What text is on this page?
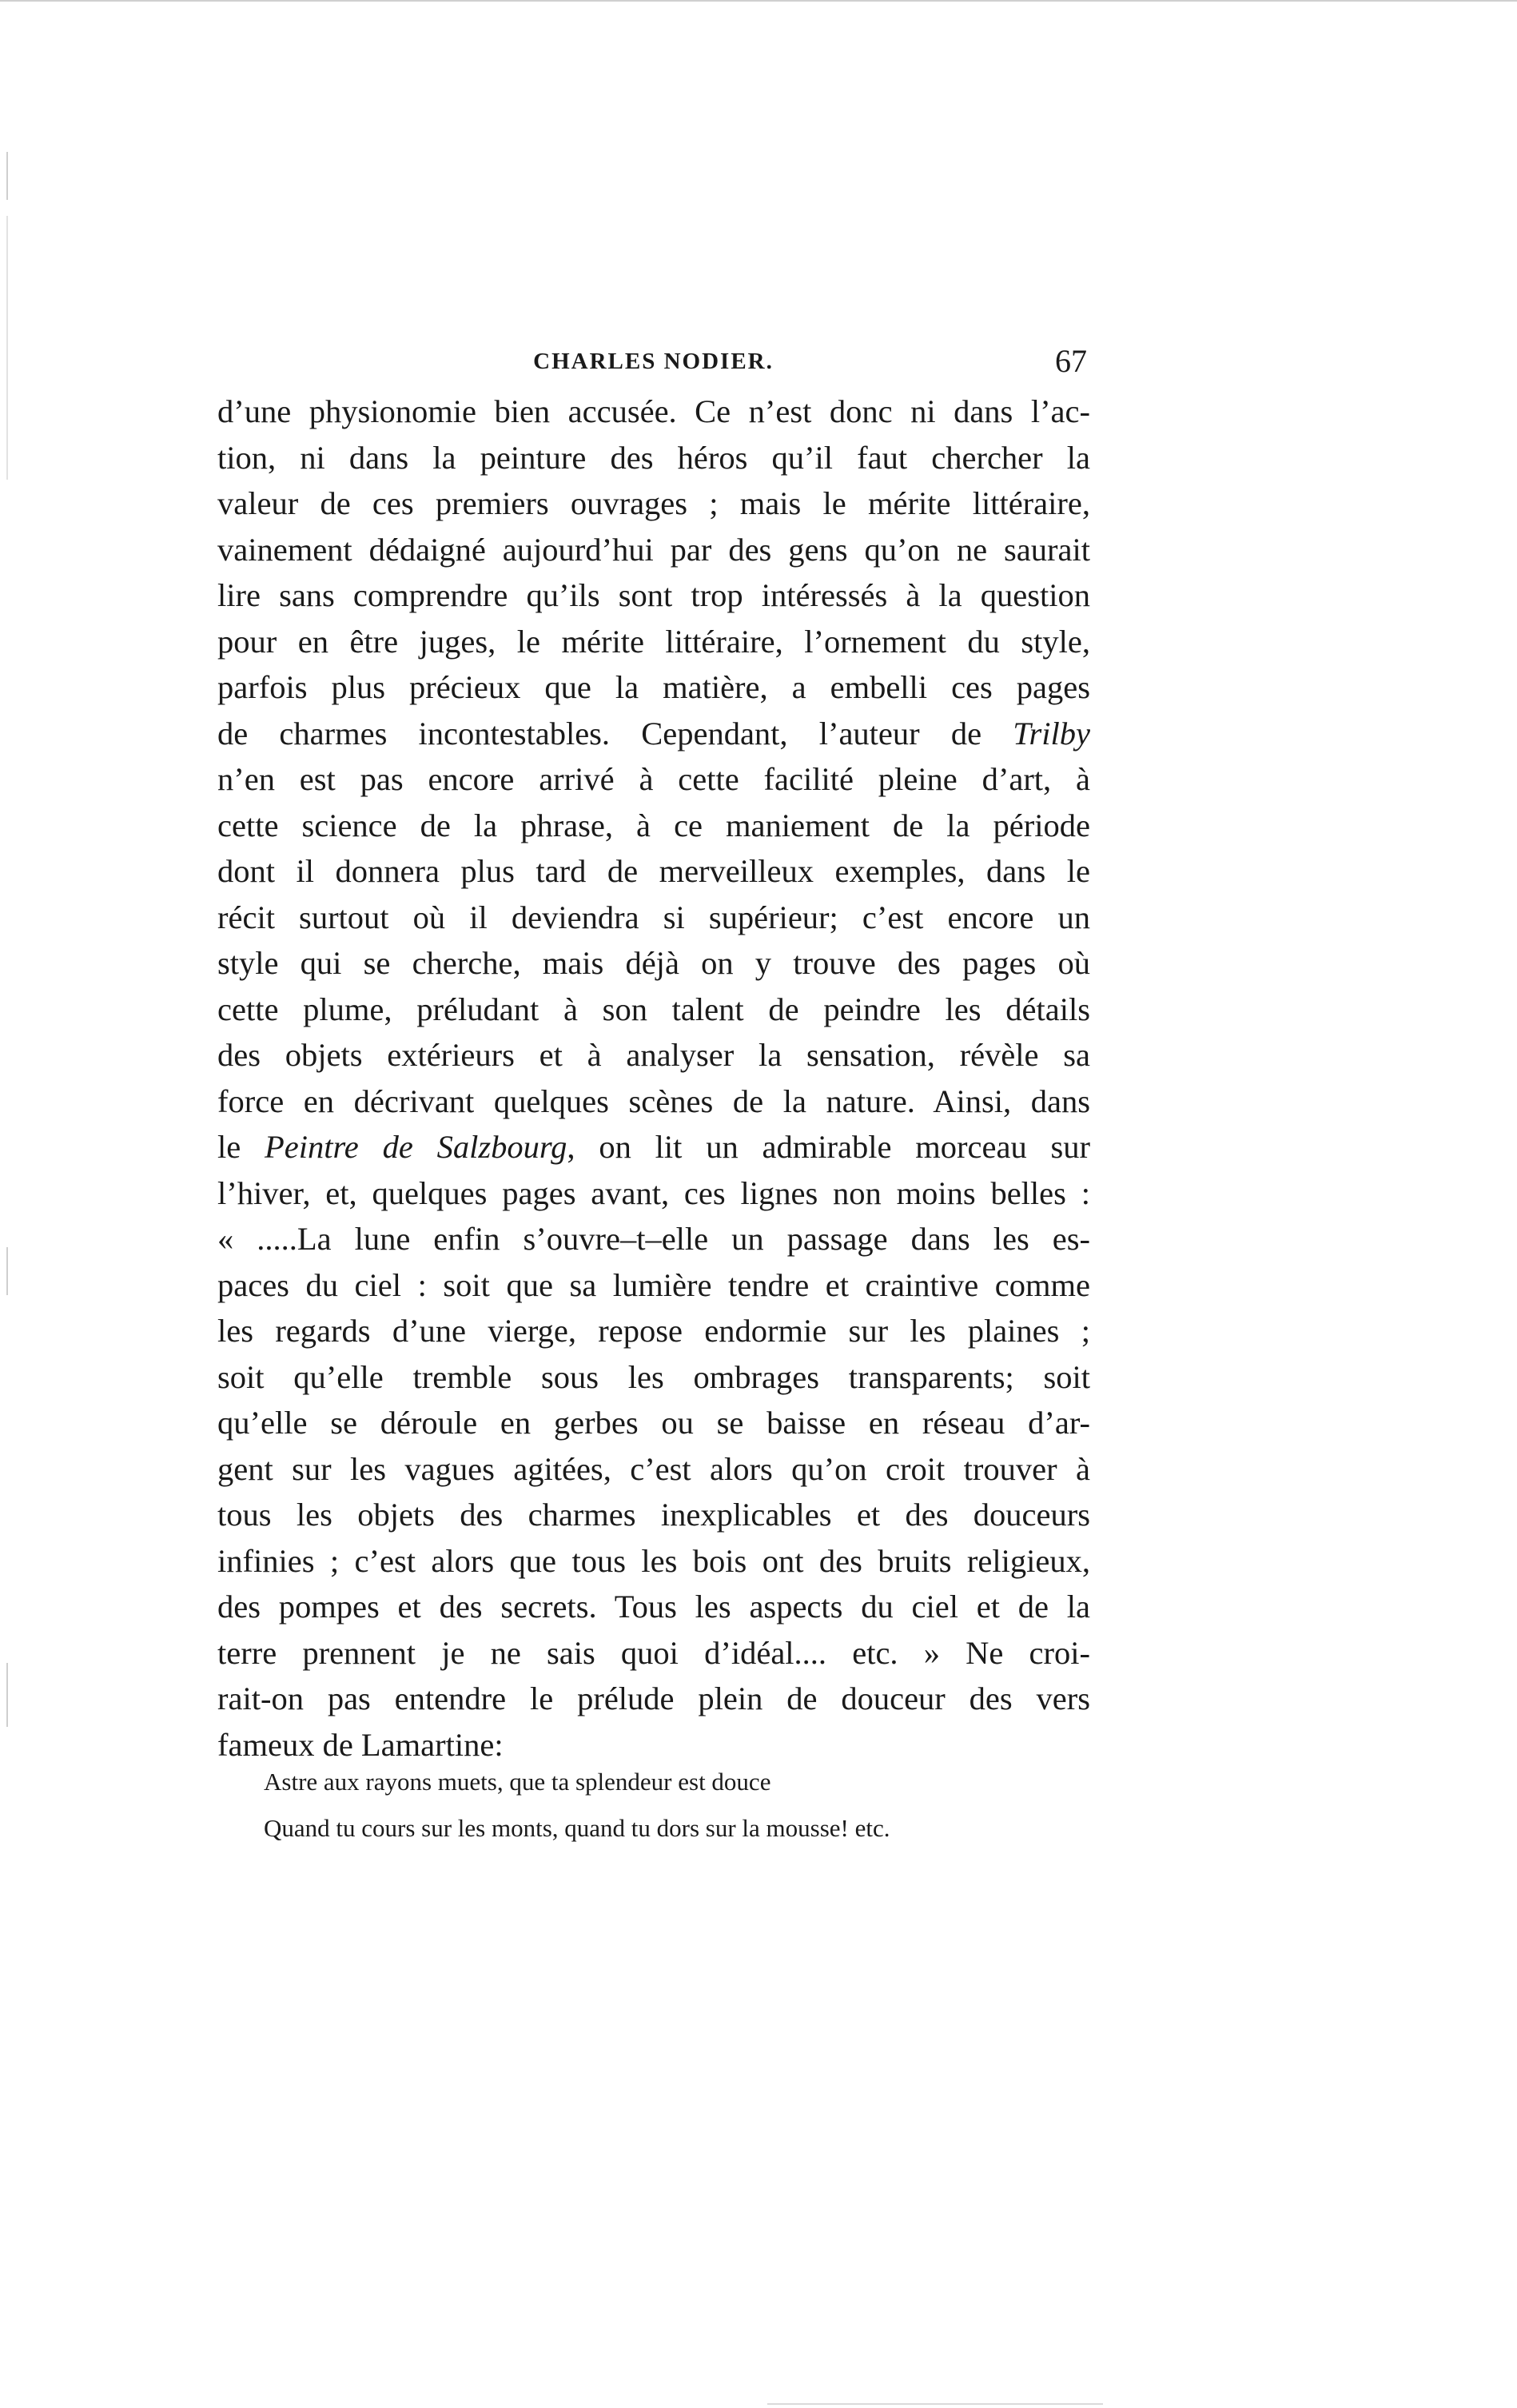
CHARLES NODIER.	67
d’une physionomie bien accusée. Ce n’est donc ni dans l’ac-
tion, ni dans la peinture des héros qu’il faut chercher la
valeur de ces premiers ouvrages ; mais le mérite littéraire,
vainement dédaigné aujourd’hui par des gens qu’on ne saurait
lire sans comprendre qu’ils sont trop intéressés à la question
pour en être juges, le mérite littéraire, l’ornement du style,
parfois plus précieux que la matière, a embelli ces pages
de charmes incontestables. Cependant, l’auteur de Trilby
n’en est pas encore arrivé à cette facilité pleine d’art, à
cette science de la phrase, à ce maniement de la période
dont il donnera plus tard de merveilleux exemples, dans le
récit surtout où il deviendra si supérieur; c’est encore un
style qui se cherche, mais déjà on y trouve des pages où
cette plume, préludant à son talent de peindre les détails
des objets extérieurs et à analyser la sensation, révèle sa
force en décrivant quelques scènes de la nature. Ainsi, dans
le Peintre de Salzbourg, on lit un admirable morceau sur
l’hiver, et, quelques pages avant, ces lignes non moins belles :
« .....La lune enfin s’ouvre–t–elle un passage dans les es-
paces du ciel : soit que sa lumière tendre et craintive comme
les regards d’une vierge, repose endormie sur les plaines ;
soit qu’elle tremble sous les ombrages transparents; soit
qu’elle se déroule en gerbes ou se baisse en réseau d’ar-
gent sur les vagues agitées, c’est alors qu’on croit trouver à
tous les objets des charmes inexplicables et des douceurs
infinies ; c’est alors que tous les bois ont des bruits religieux,
des pompes et des secrets. Tous les aspects du ciel et de la
terre prennent je ne sais quoi d’idéal.... etc. » Ne croi-
rait-on pas entendre le prélude plein de douceur des vers
fameux de Lamartine:
Astre aux rayons muets, que ta splendeur est douce
Quand tu cours sur les monts, quand tu dors sur la mousse! etc.
